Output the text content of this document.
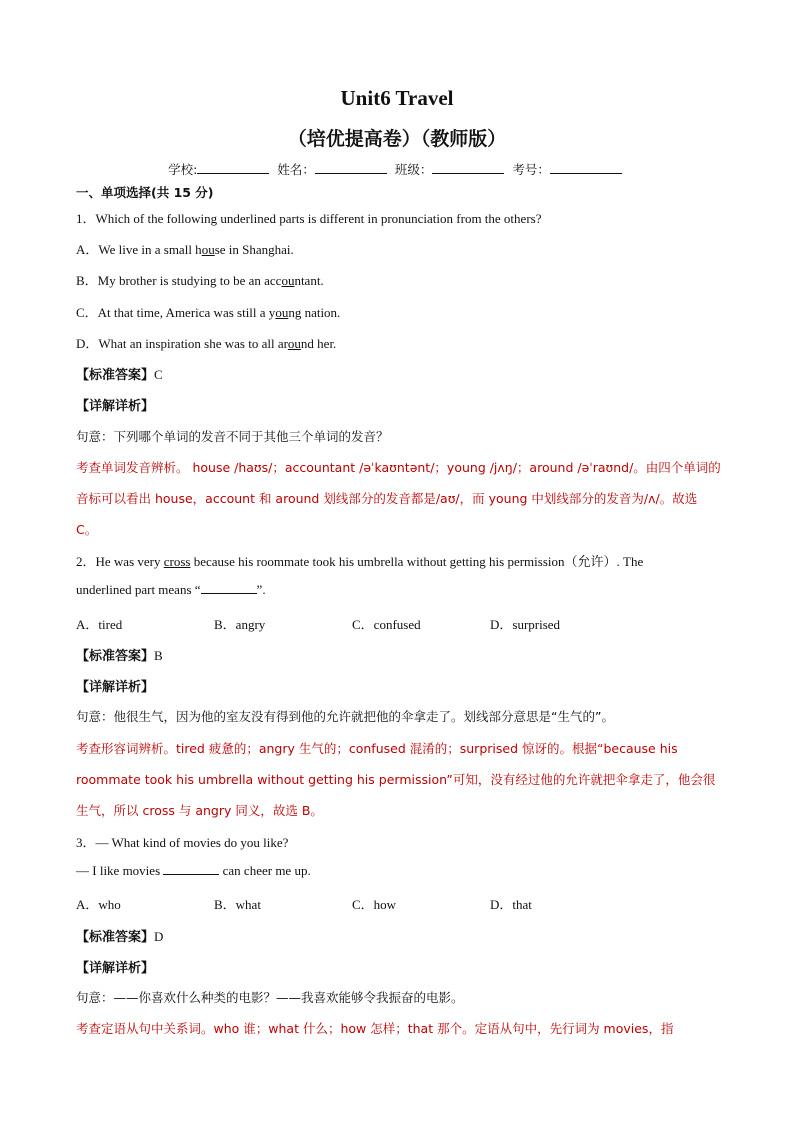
Unit6 Travel
（培优提高卷）（教师版）
学校:	姓名：	班级：	考号：
一、单项选择(共 15 分)
1．Which of the following underlined parts is different in pronunciation from the others?
A．We live in a small house in Shanghai.
B．My brother is studying to be an accountant.
C．At that time, America was still a young nation.
D．What an inspiration she was to all around her.
【标准答案】C
【详解详析】
句意：下列哪个单词的发音不同于其他三个单词的发音？
考查单词发音辨析。 house /haʊs/；accountant /əˈkaʊntənt/；young /jʌŋ/；around /əˈraʊnd/。由四个单词的
音标可以看出 house，account 和 around 划线部分的发音都是/aʊ/，而 young 中划线部分的发音为/ʌ/。故选
C。
2．He was very cross because his roommate took his umbrella without getting his permission（允许）. The
underlined part means “	”.
A．tired	B．angry	C．confused	D．surprised
【标准答案】B
【详解详析】
句意：他很生气，因为他的室友没有得到他的允许就把他的伞拿走了。划线部分意思是“生气的”。
考查形容词辨析。tired 疲惫的；angry 生气的；confused 混淆的；surprised 惊讶的。根据“because his
roommate took his umbrella without getting his permission”可知，没有经过他的允许就把伞拿走了，他会很
生气，所以 cross 与 angry 同义，故选 B。
3．— What kind of movies do you like?
— I like movies	can cheer me up.
A．who	B．what	C．how	D．that
【标准答案】D
【详解详析】
句意：——你喜欢什么种类的电影？——我喜欢能够令我振奋的电影。
考查定语从句中关系词。who 谁；what 什么；how 怎样；that 那个。定语从句中，先行词为 movies，指
